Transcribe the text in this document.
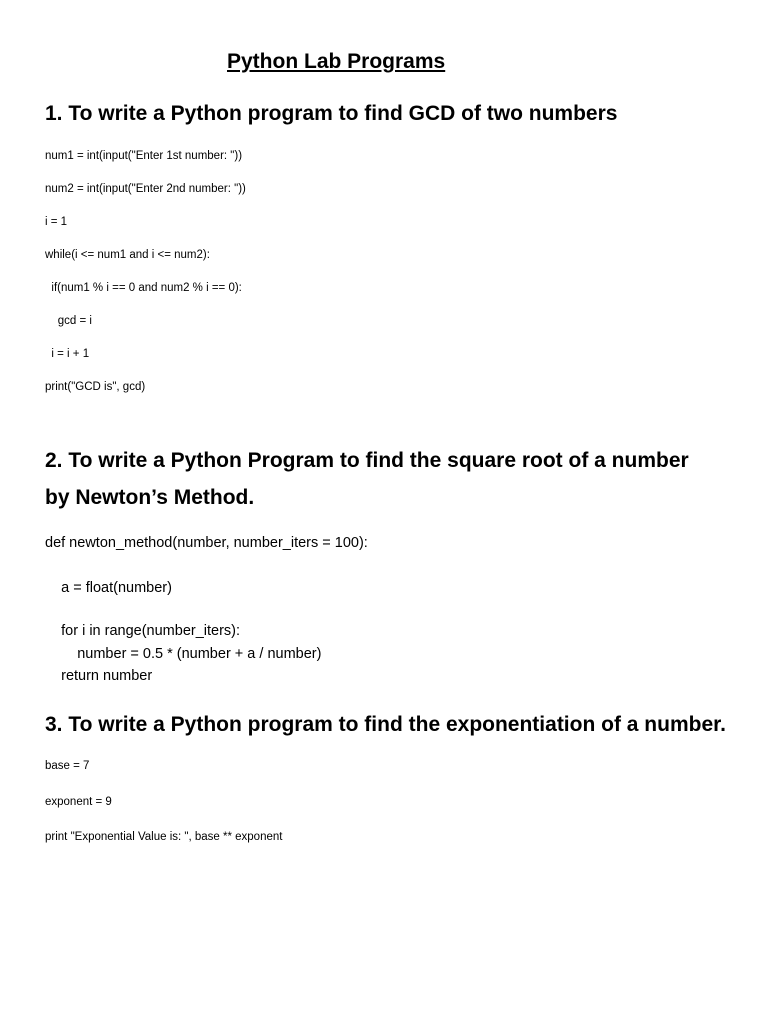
Python Lab Programs
1. To write a Python program to find GCD of two numbers
num1 = int(input("Enter 1st number: "))
num2 = int(input("Enter 2nd number: "))
i = 1
while(i <= num1 and i <= num2):
if(num1 % i == 0 and num2 % i == 0):
gcd = i
i = i + 1
print("GCD is", gcd)
2. To write a Python Program to find the square root of a number
by Newton’s Method.
def newton_method(number, number_iters = 100):
a = float(number)
for i in range(number_iters):
number = 0.5 * (number + a / number)
return number
3. To write a Python program to find the exponentiation of a number.
base = 7
exponent = 9
print "Exponential Value is: ", base ** exponent
